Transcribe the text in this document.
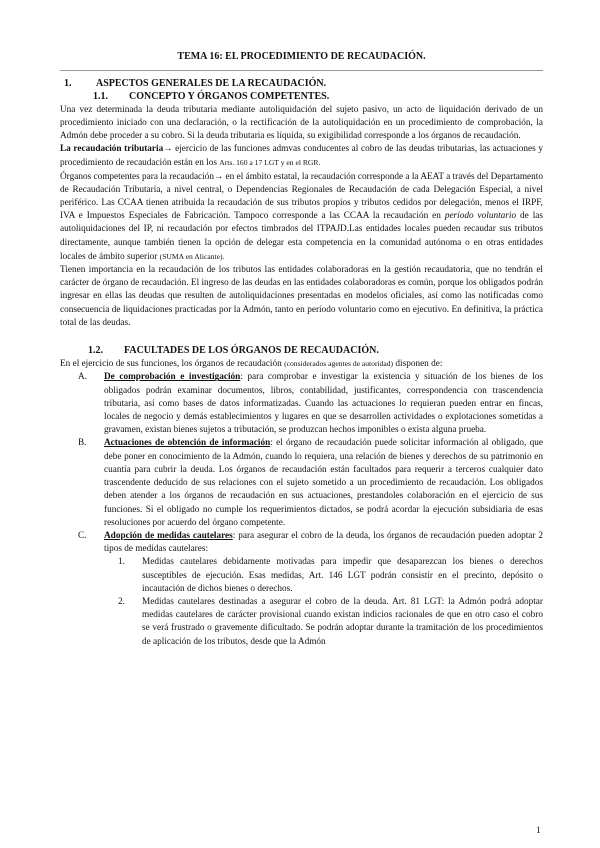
TEMA 16: EL PROCEDIMIENTO DE RECAUDACIÓN.
1.	ASPECTOS GENERALES DE LA RECAUDACIÓN.
1.1.	CONCEPTO Y ÓRGANOS COMPETENTES.

Una vez determinada la deuda tributaria mediante autoliquidación del sujeto pasivo, un acto de liquidación derivado de un procedimiento iniciado con una declaración, o la rectificación de la autoliquidación en un procedimiento de comprobación, la Admón debe proceder a su cobro. Si la deuda tributaria es líquida, su exigibilidad corresponde a los órganos de recaudación.

La recaudación tributaria→ ejercicio de las funciones admvas conducentes al cobro de las deudas tributarias, las actuaciones y procedimiento de recaudación están en los Arts. 160 a 17 LGT y en el RGR.

Órganos competentes para la recaudación→ en el ámbito estatal, la recaudación corresponde a la AEAT a través del Departamento de Recaudación Tributaria, a nivel central, o Dependencias Regionales de Recaudación de cada Delegación Especial, a nivel periférico. Las CCAA tienen atribuida la recaudación de sus tributos propios y tributos cedidos por delegación, menos el IRPF, IVA e Impuestos Especiales de Fabricación. Tampoco corresponde a las CCAA la recaudación en período voluntario de las autoliquidaciones del IP, ni recaudación por efectos timbrados del ITPAJD.Las entidades locales pueden recaudar sus tributos directamente, aunque también tienen la opción de delegar esta competencia en la comunidad autónoma o en otras entidades locales de ámbito superior (SUMA en Alicante).

Tienen importancia en la recaudación de los tributos las entidades colaboradoras en la gestión recaudatoria, que no tendrán el carácter de órgano de recaudación. El ingreso de las deudas en las entidades colaboradoras es común, porque los obligados podrán ingresar en ellas las deudas que resulten de autoliquidaciones presentadas en modelos oficiales, así como las notificadas como consecuencia de liquidaciones practicadas por la Admón, tanto en período voluntario como en ejecutivo. En definitiva, la práctica total de las deudas.

1.2.	FACULTADES DE LOS ÓRGANOS DE RECAUDACIÓN.

En el ejercicio de sus funciones, los órganos de recaudación (considerados agentes de autoridad) disponen de:

A.	De comprobación e investigación: para comprobar e investigar la existencia y situación de los bienes de los obligados podrán examinar documentos, libros, contabilidad, justificantes, correspondencia con trascendencia tributaria, así como bases de datos informatizadas. Cuando las actuaciones lo requieran pueden entrar en fincas, locales de negocio y demás establecimientos y lugares en que se desarrollen actividades o explotaciones sometidas a gravamen, existan bienes sujetos a tributación, se produzcan hechos imponibles o exista alguna prueba.
B.	Actuaciones de obtención de información: el órgano de recaudación puede solicitar información al obligado, que debe poner en conocimiento de la Admón, cuando lo requiera, una relación de bienes y derechos de su patrimonio en cuantía para cubrir la deuda. Los órganos de recaudación están facultados para requerir a terceros cualquier dato trascendente deducido de sus relaciones con el sujeto sometido a un procedimiento de recaudación. Los obligados deben atender a los órganos de recaudación en sus actuaciones, prestandoles colaboración en el ejercicio de sus funciones. Si el obligado no cumple los requerimientos dictados, se podrá acordar la ejecución subsidiaria de esas resoluciones por acuerdo del órgano competente.
C.	Adopción de medidas cautelares: para asegurar el cobro de la deuda, los órganos de recaudación pueden adoptar 2 tipos de medidas cautelares:
1.	Medidas cautelares debidamente motivadas para impedir que desaparezcan los bienes o derechos susceptibles de ejecución. Esas medidas, Art. 146 LGT podrán consistir en el precinto, depósito o incautación de dichos bienes o derechos.
2.	Medidas cautelares destinadas a asegurar el cobro de la deuda. Art. 81 LGT: la Admón podrá adoptar medidas cautelares de carácter provisional cuando existan indicios racionales de que en otro caso el cobro se verá frustrado o gravemente dificultado. Se podrán adoptar durante la tramitación de los procedimientos de aplicación de los tributos, desde que la Admón
1
